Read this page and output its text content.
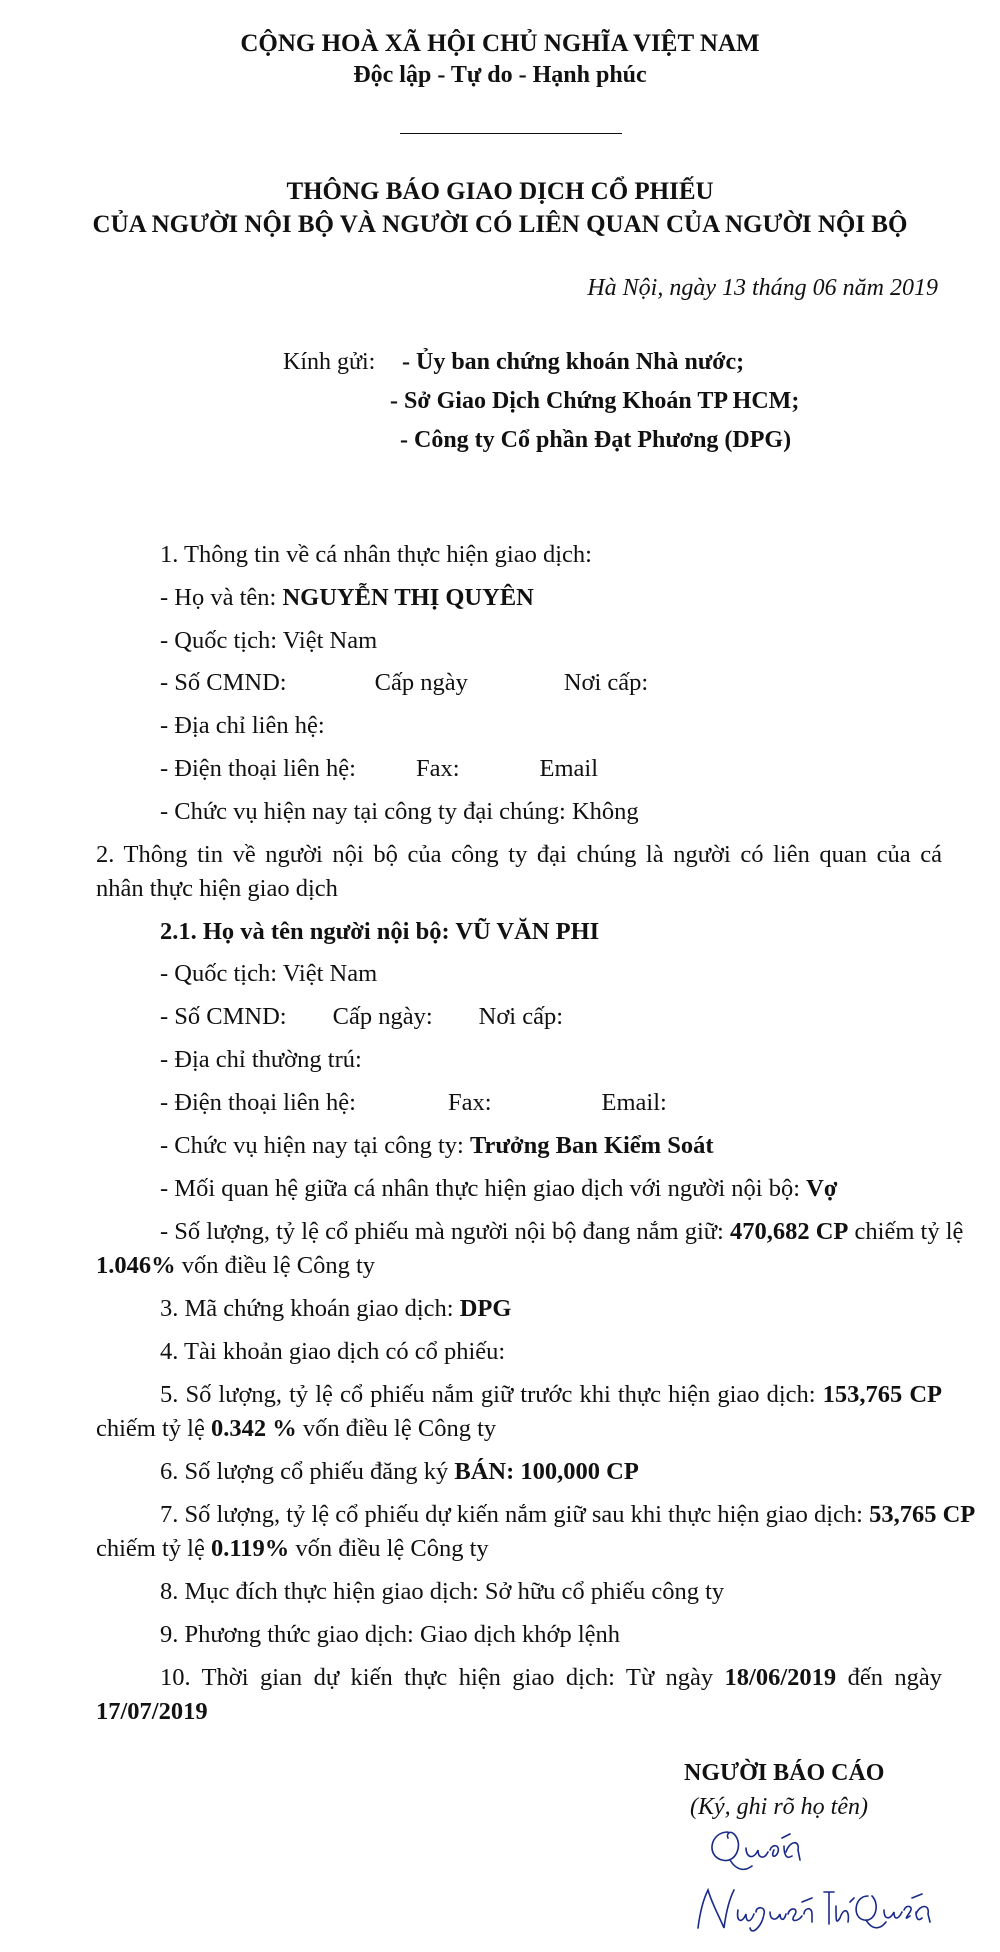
CỘNG HOÀ XÃ HỘI CHỦ NGHĨA VIỆT NAM
Độc lập - Tự do - Hạnh phúc
THÔNG BÁO GIAO DỊCH CỔ PHIẾU
CỦA NGƯỜI NỘI BỘ VÀ NGƯỜI CÓ LIÊN QUAN CỦA NGƯỜI NỘI BỘ
Hà Nội, ngày 13 tháng 06 năm 2019
Kính gửi: - Ủy ban chứng khoán Nhà nước;
- Sở Giao Dịch Chứng Khoán TP HCM;
- Công ty Cổ phần Đạt Phương (DPG)
1. Thông tin về cá nhân thực hiện giao dịch:
- Họ và tên: NGUYỄN THỊ QUYÊN
- Quốc tịch: Việt Nam
- Số CMND:	Cấp ngày	Nơi cấp:
- Địa chỉ liên hệ:
- Điện thoại liên hệ: Fax:	Email
- Chức vụ hiện nay tại công ty đại chúng: Không
2. Thông tin về người nội bộ của công ty đại chúng là người có liên quan của cá
nhân thực hiện giao dịch
2.1. Họ và tên người nội bộ: VŨ VĂN PHI
- Quốc tịch: Việt Nam
- Số CMND: Cấp ngày: Nơi cấp:
- Địa chỉ thường trú:
- Điện thoại liên hệ:	Fax:	Email:
- Chức vụ hiện nay tại công ty: Trưởng Ban Kiểm Soát
- Mối quan hệ giữa cá nhân thực hiện giao dịch với người nội bộ: Vợ
- Số lượng, tỷ lệ cổ phiếu mà người nội bộ đang nắm giữ: 470,682 CP chiếm tỷ lệ
1.046% vốn điều lệ Công ty
3. Mã chứng khoán giao dịch: DPG
4. Tài khoản giao dịch có cổ phiếu:
5. Số lượng, tỷ lệ cổ phiếu nắm giữ trước khi thực hiện giao dịch: 153,765 CP
chiếm tỷ lệ 0.342 % vốn điều lệ Công ty
6. Số lượng cổ phiếu đăng ký BÁN: 100,000 CP
7. Số lượng, tỷ lệ cổ phiếu dự kiến nắm giữ sau khi thực hiện giao dịch: 53,765 CP
chiếm tỷ lệ 0.119% vốn điều lệ Công ty
8. Mục đích thực hiện giao dịch: Sở hữu cổ phiếu công ty
9. Phương thức giao dịch: Giao dịch khớp lệnh
10. Thời gian dự kiến thực hiện giao dịch: Từ ngày 18/06/2019 đến ngày
17/07/2019
NGƯỜI BÁO CÁO
(Ký, ghi rõ họ tên)
